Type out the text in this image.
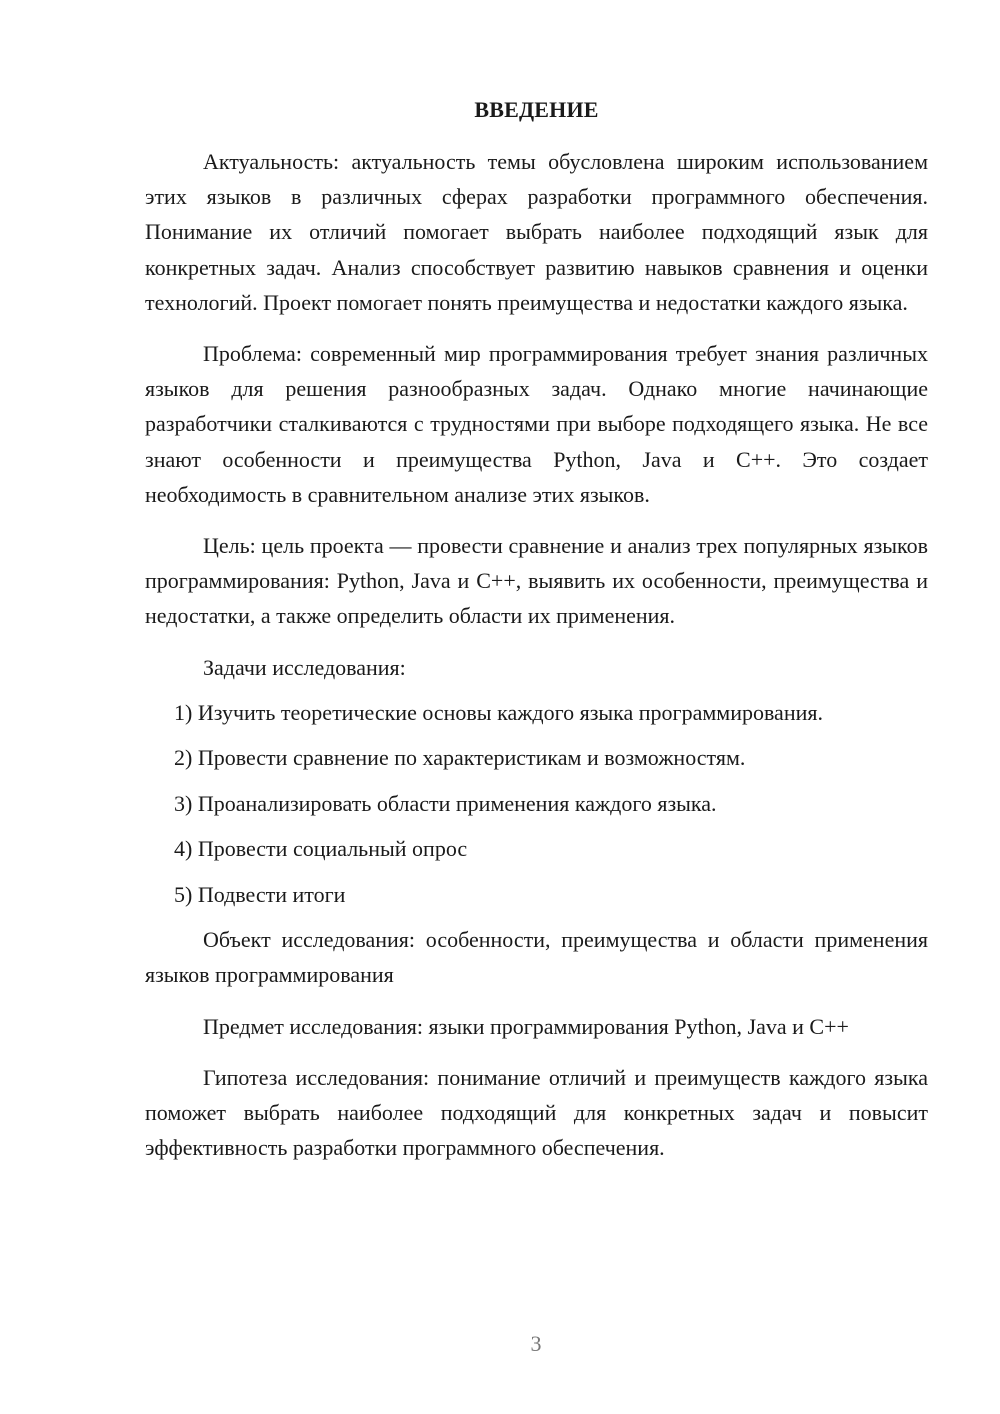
ВВЕДЕНИЕ

Актуальность: актуальность темы обусловлена широким использованием этих языков в различных сферах разработки программного обеспечения. Понимание их отличий помогает выбрать наиболее подходящий язык для конкретных задач. Анализ способствует развитию навыков сравнения и оценки технологий. Проект помогает понять преимущества и недостатки каждого языка.

Проблема: современный мир программирования требует знания различных языков для решения разнообразных задач. Однако многие начинающие разработчики сталкиваются с трудностями при выборе подходящего языка. Не все знают особенности и преимущества Python, Java и C++. Это создает необходимость в сравнительном анализе этих языков.

Цель: цель проекта — провести сравнение и анализ трех популярных языков программирования: Python, Java и C++, выявить их особенности, преимущества и недостатки, а также определить области их применения.

Задачи исследования:
1) Изучить теоретические основы каждого языка программирования.
2) Провести сравнение по характеристикам и возможностям.
3) Проанализировать области применения каждого языка.
4) Провести социальный опрос
5) Подвести итоги

Объект исследования: особенности, преимущества и области применения языков программирования

Предмет исследования: языки программирования Python, Java и C++

Гипотеза исследования: понимание отличий и преимуществ каждого языка поможет выбрать наиболее подходящий для конкретных задач и повысит эффективность разработки программного обеспечения.

3
